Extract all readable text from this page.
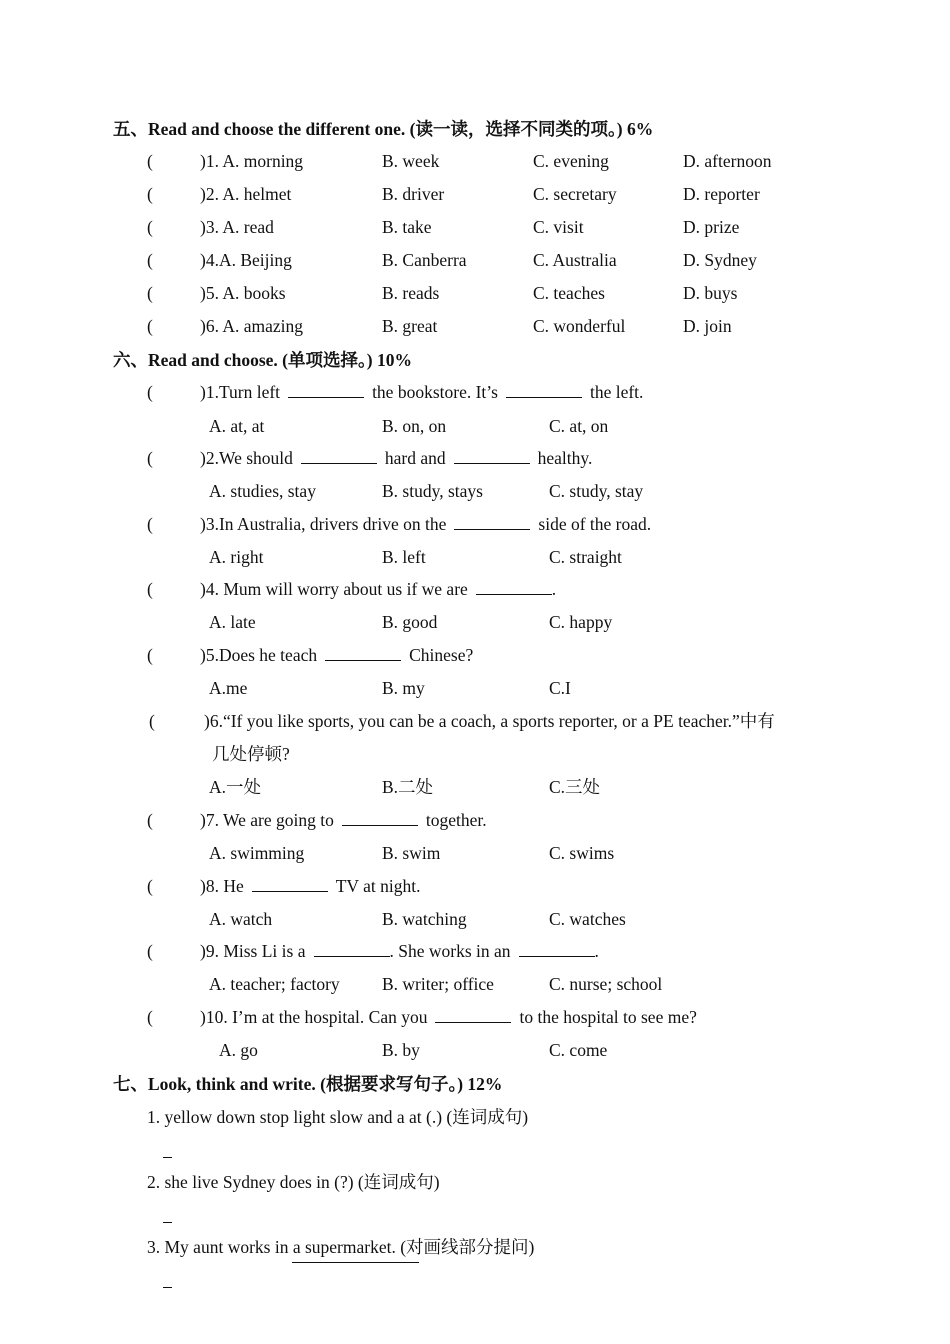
五、Read and choose the different one. (读一读，选择不同类的项。) 6%
(	)1. A. morning	B. week	C. evening	D. afternoon
(	)2. A. helmet	B. driver	C. secretary	D. reporter
(	)3. A. read	B. take	C. visit	D. prize
(	)4.A. Beijing	B. Canberra	C. Australia	D. Sydney
(	)5. A. books	B. reads	C. teaches	D. buys
(	)6. A. amazing	B. great	C. wonderful	D. join
六、Read and choose. (单项选择。) 10%
(	)1.Turn left	the bookstore. It’s	the left.
A. at, at	B. on, on	C. at, on
(	)2.We should	hard and	healthy.
A. studies, stay	B. study, stays	C. study, stay
(	)3.In Australia, drivers drive on the	side of the road.
A. right	B. left	C. straight
(	)4. Mum will worry about us if we are	.
A. late	B. good	C. happy
(	)5.Does he teach	Chinese?
A.me	B. my	C.I
(	)6.“If you like sports, you can be a coach, a sports reporter, or a PE teacher.”中有
几处停顿?
A.一处	B.二处	C.三处
(	)7. We are going to	together.
A. swimming	B. swim	C. swims
(	)8. He	TV at night.
A. watch	B. watching	C. watches
(	)9. Miss Li is a	. She works in an	.
A. teacher; factory B. writer; office	C. nurse; school
(	)10. I’m at the hospital. Can you	to the hospital to see me?
A. go	B. by	C. come
七、Look, think and write. (根据要求写句子。) 12%
1. yellow down stop light slow and a at (.) (连词成句)
2. she live Sydney does in (?) (连词成句)
3. My aunt works in a supermarket. (对画线部分提问)
